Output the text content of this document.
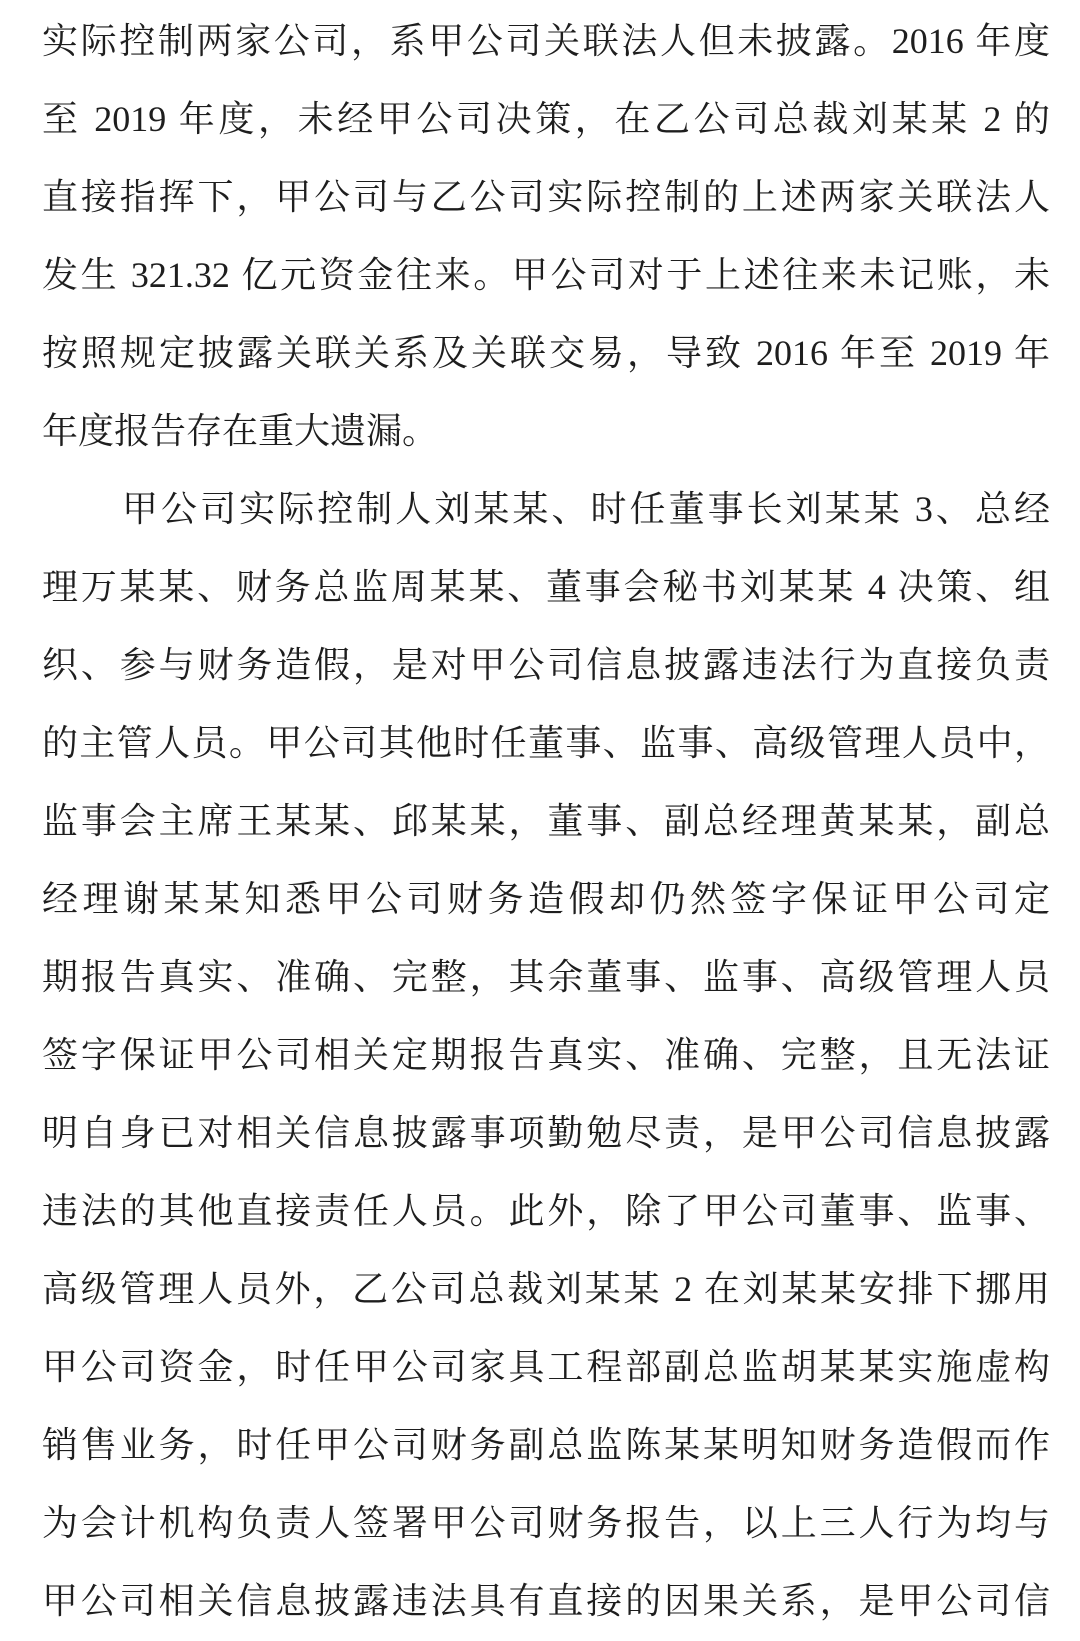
实际控制两家公司，系甲公司关联法人但未披露。2016 年度
至 2019 年度，未经甲公司决策，在乙公司总裁刘某某 2 的
直接指挥下，甲公司与乙公司实际控制的上述两家关联法人
发生 321.32 亿元资金往来。甲公司对于上述往来未记账，未
按照规定披露关联关系及关联交易，导致 2016 年至 2019 年
年度报告存在重大遗漏。
甲公司实际控制人刘某某、时任董事长刘某某 3、总经
理万某某、财务总监周某某、董事会秘书刘某某 4 决策、组
织、参与财务造假，是对甲公司信息披露违法行为直接负责
的主管人员。甲公司其他时任董事、监事、高级管理人员中，
监事会主席王某某、邱某某，董事、副总经理黄某某，副总
经理谢某某知悉甲公司财务造假却仍然签字保证甲公司定
期报告真实、准确、完整，其余董事、监事、高级管理人员
签字保证甲公司相关定期报告真实、准确、完整，且无法证
明自身已对相关信息披露事项勤勉尽责，是甲公司信息披露
违法的其他直接责任人员。此外，除了甲公司董事、监事、
高级管理人员外，乙公司总裁刘某某 2 在刘某某安排下挪用
甲公司资金，时任甲公司家具工程部副总监胡某某实施虚构
销售业务，时任甲公司财务副总监陈某某明知财务造假而作
为会计机构负责人签署甲公司财务报告，以上三人行为均与
甲公司相关信息披露违法具有直接的因果关系，是甲公司信
